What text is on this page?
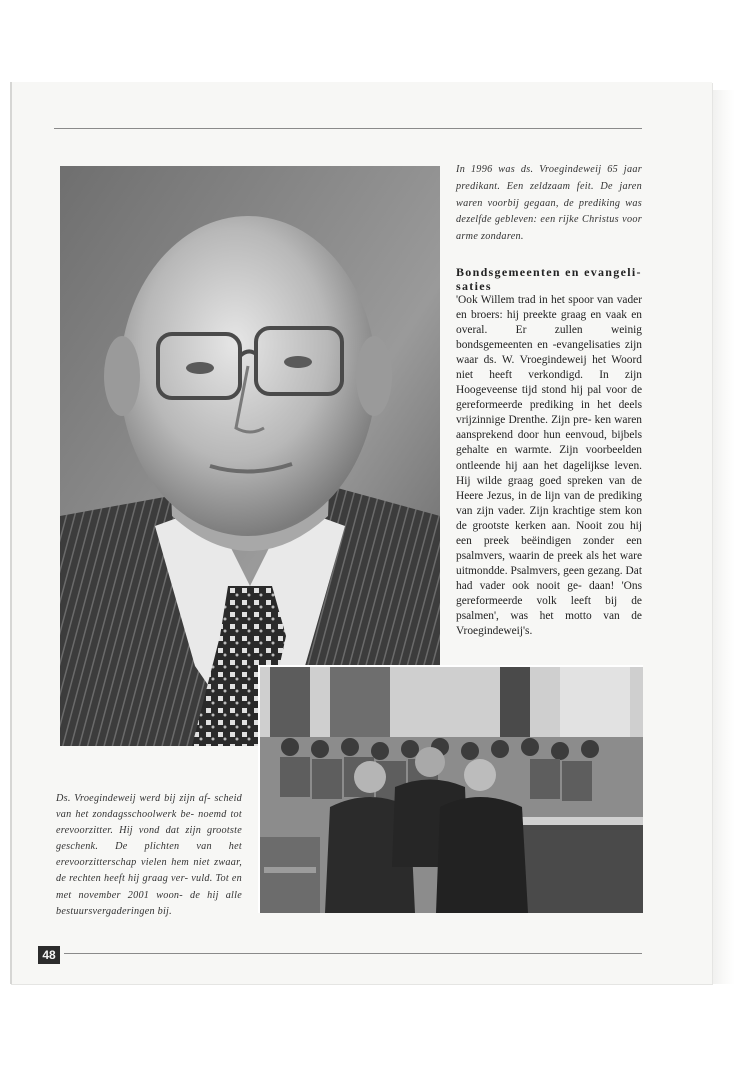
In 1996 was ds. Vroegindeweij 65 jaar predikant. Een zeldzaam feit. De jaren waren voorbij gegaan, de prediking was dezelfde gebleven: een rijke Christus voor arme zondaren.

Bondsgemeenten en evangeli- saties

'Ook Willem trad in het spoor van vader en broers: hij preekte graag en vaak en overal. Er zullen weinig bondsgemeenten en -evangelisaties zijn waar ds. W. Vroegindeweij het Woord niet heeft verkondigd. In zijn Hoogeveense tijd stond hij pal voor de gereformeerde prediking in het deels vrijzinnige Drenthe. Zijn pre- ken waren aansprekend door hun eenvoud, bijbels gehalte en warmte. Zijn voorbeelden ontleende hij aan het dagelijkse leven. Hij wilde graag goed spreken van de Heere Jezus, in de lijn van de prediking van zijn vader. Zijn krachtige stem kon de grootste kerken aan. Nooit zou hij een preek beëindigen zonder een psalmvers, waarin de preek als het ware uitmondde. Psalmvers, geen gezang. Dat had vader ook nooit ge- daan! 'Ons gereformeerde volk leeft bij de psalmen', was het motto van de Vroegindeweij's.

Ds. Vroegindeweij werd bij zijn af- scheid van het zondagsschoolwerk be- noemd tot erevoorzitter. Hij vond dat zijn grootste geschenk. De plichten van het erevoorzitterschap vielen hem niet zwaar, de rechten heeft hij graag ver- vuld. Tot en met november 2001 woon- de hij alle bestuursvergaderingen bij.

48
